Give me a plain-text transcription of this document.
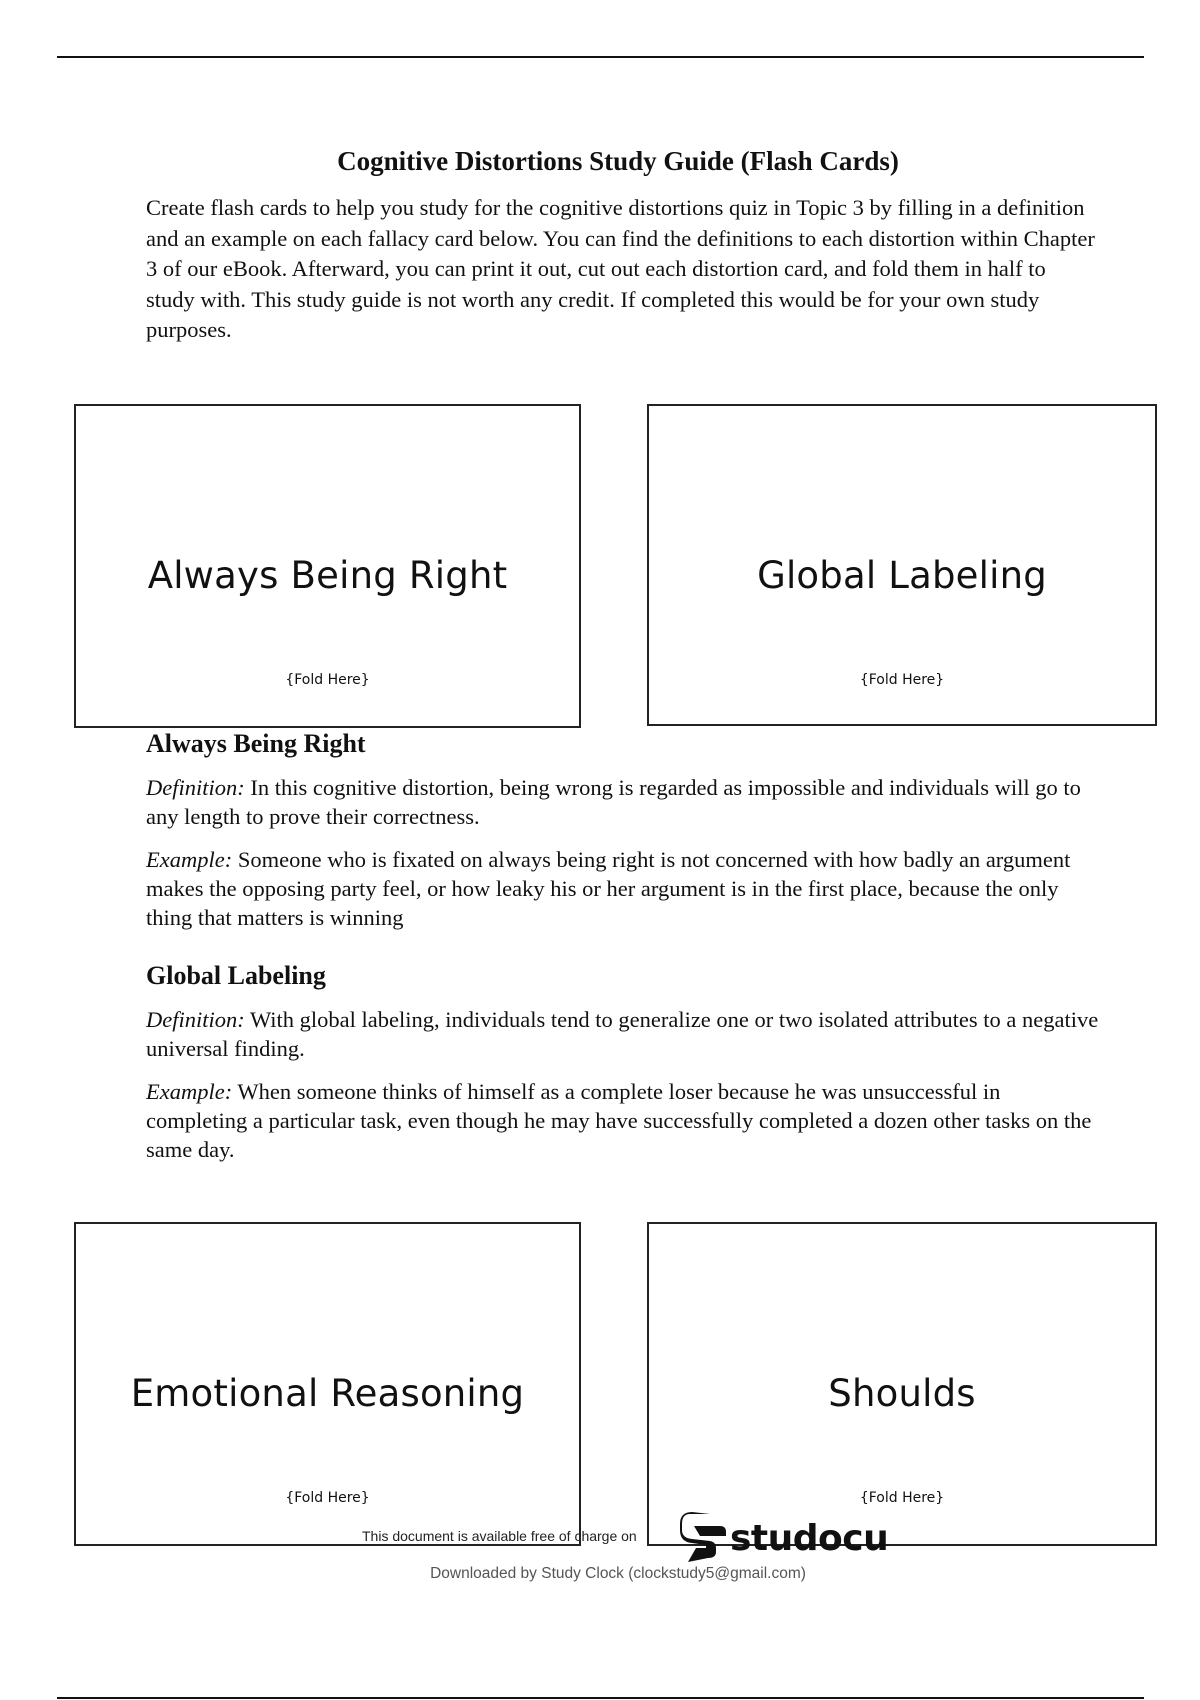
Cognitive Distortions Study Guide (Flash Cards)

Create flash cards to help you study for the cognitive distortions quiz in Topic 3 by filling in a definition and an example on each fallacy card below. You can find the definitions to each distortion within Chapter 3 of our eBook. Afterward, you can print it out, cut out each distortion card, and fold them in half to study with. This study guide is not worth any credit. If completed this would be for your own study purposes.

Always Being Right
{Fold Here}
Global Labeling
{Fold Here}
Always Being Right

Definition: In this cognitive distortion, being wrong is regarded as impossible and individuals will go to any length to prove their correctness.

Example: Someone who is fixated on always being right is not concerned with how badly an argument makes the opposing party feel, or how leaky his or her argument is in the first place, because the only thing that matters is winning

Global Labeling

Definition: With global labeling, individuals tend to generalize one or two isolated attributes to a negative universal finding.

Example: When someone thinks of himself as a complete loser because he was unsuccessful in completing a particular task, even though he may have successfully completed a dozen other tasks on the same day.

Emotional Reasoning
{Fold Here}
Shoulds
{Fold Here}
This document is available free of charge on	studocu
Downloaded by Study Clock (clockstudy5@gmail.com)
